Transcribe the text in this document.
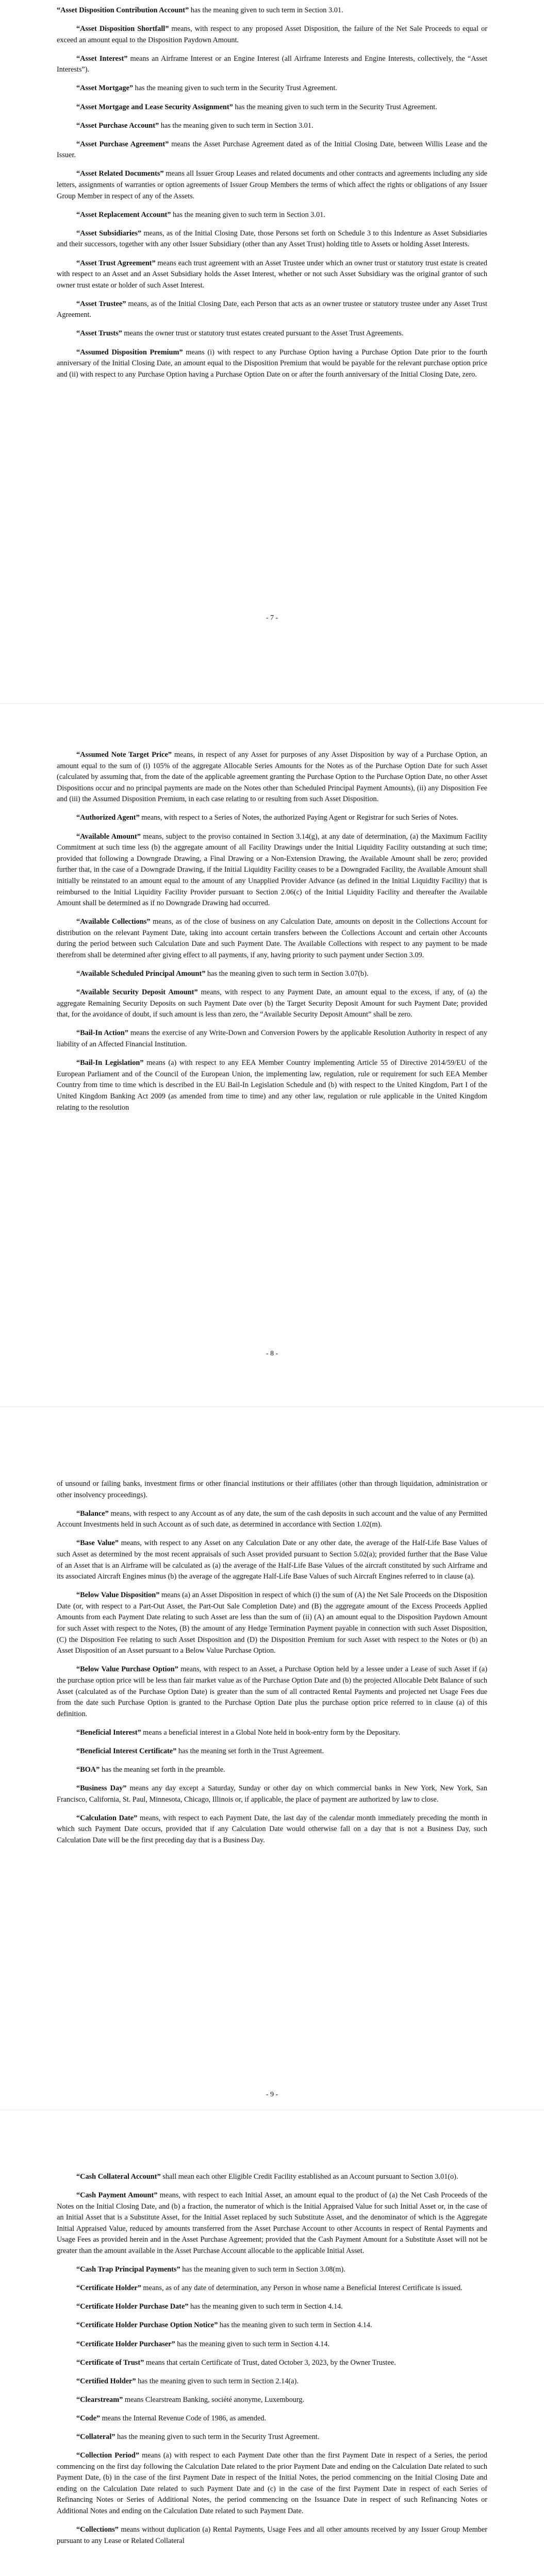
“Asset Disposition Contribution Account” has the meaning given to such term in Section 3.01.

“Asset Disposition Shortfall” means, with respect to any proposed Asset Disposition, the failure of the Net Sale Proceeds to equal or exceed an amount equal to the Disposition Paydown Amount.

“Asset Interest” means an Airframe Interest or an Engine Interest (all Airframe Interests and Engine Interests, collectively, the “Asset Interests”).

“Asset Mortgage” has the meaning given to such term in the Security Trust Agreement.

“Asset Mortgage and Lease Security Assignment” has the meaning given to such term in the Security Trust Agreement.

“Asset Purchase Account” has the meaning given to such term in Section 3.01.

“Asset Purchase Agreement” means the Asset Purchase Agreement dated as of the Initial Closing Date, between Willis Lease and the Issuer.

“Asset Related Documents” means all Issuer Group Leases and related documents and other contracts and agreements including any side letters, assignments of warranties or option agreements of Issuer Group Members the terms of which affect the rights or obligations of any Issuer Group Member in respect of any of the Assets.

“Asset Replacement Account” has the meaning given to such term in Section 3.01.

“Asset Subsidiaries” means, as of the Initial Closing Date, those Persons set forth on Schedule 3 to this Indenture as Asset Subsidiaries and their successors, together with any other Issuer Subsidiary (other than any Asset Trust) holding title to Assets or holding Asset Interests.

“Asset Trust Agreement” means each trust agreement with an Asset Trustee under which an owner trust or statutory trust estate is created with respect to an Asset and an Asset Subsidiary holds the Asset Interest, whether or not such Asset Subsidiary was the original grantor of such owner trust estate or holder of such Asset Interest.

“Asset Trustee” means, as of the Initial Closing Date, each Person that acts as an owner trustee or statutory trustee under any Asset Trust Agreement.

“Asset Trusts” means the owner trust or statutory trust estates created pursuant to the Asset Trust Agreements.

“Assumed Disposition Premium” means (i) with respect to any Purchase Option having a Purchase Option Date prior to the fourth anniversary of the Initial Closing Date, an amount equal to the Disposition Premium that would be payable for the relevant purchase option price and (ii) with respect to any Purchase Option having a Purchase Option Date on or after the fourth anniversary of the Initial Closing Date, zero.

- 7 -

“Assumed Note Target Price” means, in respect of any Asset for purposes of any Asset Disposition by way of a Purchase Option, an amount equal to the sum of (i) 105% of the aggregate Allocable Series Amounts for the Notes as of the Purchase Option Date for such Asset (calculated by assuming that, from the date of the applicable agreement granting the Purchase Option to the Purchase Option Date, no other Asset Dispositions occur and no principal payments are made on the Notes other than Scheduled Principal Payment Amounts), (ii) any Disposition Fee and (iii) the Assumed Disposition Premium, in each case relating to or resulting from such Asset Disposition.

“Authorized Agent” means, with respect to a Series of Notes, the authorized Paying Agent or Registrar for such Series of Notes.

“Available Amount” means, subject to the proviso contained in Section 3.14(g), at any date of determination, (a) the Maximum Facility Commitment at such time less (b) the aggregate amount of all Facility Drawings under the Initial Liquidity Facility outstanding at such time; provided that following a Downgrade Drawing, a Final Drawing or a Non-Extension Drawing, the Available Amount shall be zero; provided further that, in the case of a Downgrade Drawing, if the Initial Liquidity Facility ceases to be a Downgraded Facility, the Available Amount shall initially be reinstated to an amount equal to the amount of any Unapplied Provider Advance (as defined in the Initial Liquidity Facility) that is reimbursed to the Initial Liquidity Facility Provider pursuant to Section 2.06(c) of the Initial Liquidity Facility and thereafter the Available Amount shall be determined as if no Downgrade Drawing had occurred.

“Available Collections” means, as of the close of business on any Calculation Date, amounts on deposit in the Collections Account for distribution on the relevant Payment Date, taking into account certain transfers between the Collections Account and certain other Accounts during the period between such Calculation Date and such Payment Date. The Available Collections with respect to any payment to be made therefrom shall be determined after giving effect to all payments, if any, having priority to such payment under Section 3.09.

“Available Scheduled Principal Amount” has the meaning given to such term in Section 3.07(b).

“Available Security Deposit Amount” means, with respect to any Payment Date, an amount equal to the excess, if any, of (a) the aggregate Remaining Security Deposits on such Payment Date over (b) the Target Security Deposit Amount for such Payment Date; provided that, for the avoidance of doubt, if such amount is less than zero, the “Available Security Deposit Amount” shall be zero.

“Bail-In Action” means the exercise of any Write-Down and Conversion Powers by the applicable Resolution Authority in respect of any liability of an Affected Financial Institution.

“Bail-In Legislation” means (a) with respect to any EEA Member Country implementing Article 55 of Directive 2014/59/EU of the European Parliament and of the Council of the European Union, the implementing law, regulation, rule or requirement for such EEA Member Country from time to time which is described in the EU Bail-In Legislation Schedule and (b) with respect to the United Kingdom, Part I of the United Kingdom Banking Act 2009 (as amended from time to time) and any other law, regulation or rule applicable in the United Kingdom relating to the resolution

- 8 -

of unsound or failing banks, investment firms or other financial institutions or their affiliates (other than through liquidation, administration or other insolvency proceedings).

“Balance” means, with respect to any Account as of any date, the sum of the cash deposits in such account and the value of any Permitted Account Investments held in such Account as of such date, as determined in accordance with Section 1.02(m).

“Base Value” means, with respect to any Asset on any Calculation Date or any other date, the average of the Half-Life Base Values of such Asset as determined by the most recent appraisals of such Asset provided pursuant to Section 5.02(a); provided further that the Base Value of an Asset that is an Airframe will be calculated as (a) the average of the Half-Life Base Values of the aircraft constituted by such Airframe and its associated Aircraft Engines minus (b) the average of the aggregate Half-Life Base Values of such Aircraft Engines referred to in clause (a).

“Below Value Disposition” means (a) an Asset Disposition in respect of which (i) the sum of (A) the Net Sale Proceeds on the Disposition Date (or, with respect to a Part-Out Asset, the Part-Out Sale Completion Date) and (B) the aggregate amount of the Excess Proceeds Applied Amounts from each Payment Date relating to such Asset are less than the sum of (ii) (A) an amount equal to the Disposition Paydown Amount for such Asset with respect to the Notes, (B) the amount of any Hedge Termination Payment payable in connection with such Asset Disposition, (C) the Disposition Fee relating to such Asset Disposition and (D) the Disposition Premium for such Asset with respect to the Notes or (b) an Asset Disposition of an Asset pursuant to a Below Value Purchase Option.

“Below Value Purchase Option” means, with respect to an Asset, a Purchase Option held by a lessee under a Lease of such Asset if (a) the purchase option price will be less than fair market value as of the Purchase Option Date and (b) the projected Allocable Debt Balance of such Asset (calculated as of the Purchase Option Date) is greater than the sum of all contracted Rental Payments and projected net Usage Fees due from the date such Purchase Option is granted to the Purchase Option Date plus the purchase option price referred to in clause (a) of this definition.

“Beneficial Interest” means a beneficial interest in a Global Note held in book-entry form by the Depositary.

“Beneficial Interest Certificate” has the meaning set forth in the Trust Agreement.

“BOA” has the meaning set forth in the preamble.

“Business Day” means any day except a Saturday, Sunday or other day on which commercial banks in New York, New York, San Francisco, California, St. Paul, Minnesota, Chicago, Illinois or, if applicable, the place of payment are authorized by law to close.

“Calculation Date” means, with respect to each Payment Date, the last day of the calendar month immediately preceding the month in which such Payment Date occurs, provided that if any Calculation Date would otherwise fall on a day that is not a Business Day, such Calculation Date will be the first preceding day that is a Business Day.

- 9 -

“Cash Collateral Account” shall mean each other Eligible Credit Facility established as an Account pursuant to Section 3.01(o).

“Cash Payment Amount” means, with respect to each Initial Asset, an amount equal to the product of (a) the Net Cash Proceeds of the Notes on the Initial Closing Date, and (b) a fraction, the numerator of which is the Initial Appraised Value for such Initial Asset or, in the case of an Initial Asset that is a Substitute Asset, for the Initial Asset replaced by such Substitute Asset, and the denominator of which is the Aggregate Initial Appraised Value, reduced by amounts transferred from the Asset Purchase Account to other Accounts in respect of Rental Payments and Usage Fees as provided herein and in the Asset Purchase Agreement; provided that the Cash Payment Amount for a Substitute Asset will not be greater than the amount available in the Asset Purchase Account allocable to the applicable Initial Asset.

“Cash Trap Principal Payments” has the meaning given to such term in Section 3.08(m).

“Certificate Holder” means, as of any date of determination, any Person in whose name a Beneficial Interest Certificate is issued.

“Certificate Holder Purchase Date” has the meaning given to such term in Section 4.14.

“Certificate Holder Purchase Option Notice” has the meaning given to such term in Section 4.14.

“Certificate Holder Purchaser” has the meaning given to such term in Section 4.14.

“Certificate of Trust” means that certain Certificate of Trust, dated October 3, 2023, by the Owner Trustee.

“Certified Holder” has the meaning given to such term in Section 2.14(a).

“Clearstream” means Clearstream Banking, société anonyme, Luxembourg.

“Code” means the Internal Revenue Code of 1986, as amended.

“Collateral” has the meaning given to such term in the Security Trust Agreement.

“Collection Period” means (a) with respect to each Payment Date other than the first Payment Date in respect of a Series, the period commencing on the first day following the Calculation Date related to the prior Payment Date and ending on the Calculation Date related to such Payment Date, (b) in the case of the first Payment Date in respect of the Initial Notes, the period commencing on the Initial Closing Date and ending on the Calculation Date related to such Payment Date and (c) in the case of the first Payment Date in respect of each Series of Refinancing Notes or Series of Additional Notes, the period commencing on the Issuance Date in respect of such Refinancing Notes or Additional Notes and ending on the Calculation Date related to such Payment Date.

“Collections” means without duplication (a) Rental Payments, Usage Fees and all other amounts received by any Issuer Group Member pursuant to any Lease or Related Collateral
